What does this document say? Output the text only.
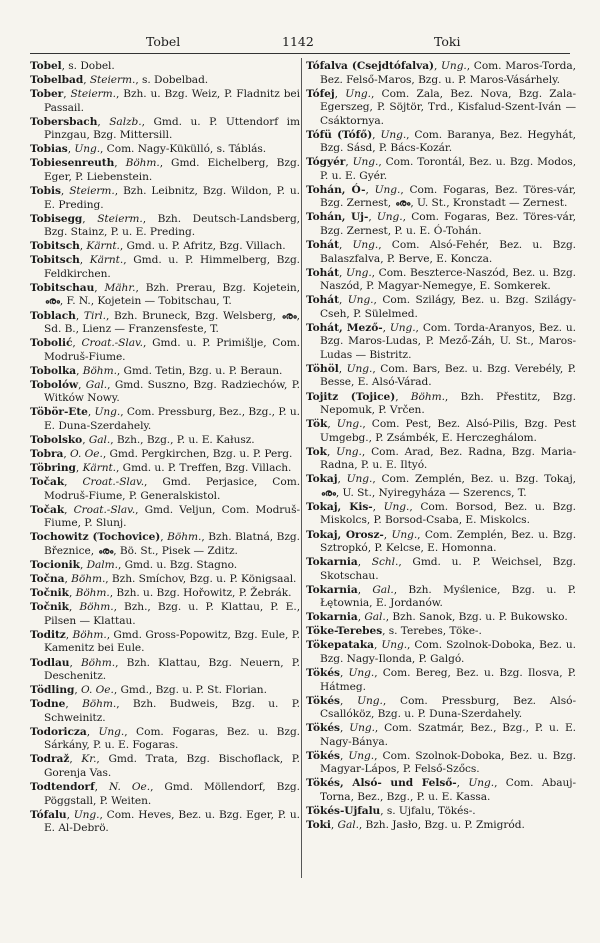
Tobel	1142	Toki

Tobel, s. Dobel.

Tobelbad, Steierm., s. Dobelbad.

Tober, Steierm., Bzh. u. Bzg. Weiz, P. Fladnitz bei Passail.

Tobersbach, Salzb., Gmd. u. P. Uttendorf im Pinzgau, Bzg. Mittersill.

Tobias, Ung., Com. Nagy-Kükülló, s. Táblás.

Tobiesenreuth, Böhm., Gmd. Eichelberg, Bzg. Eger, P. Liebenstein.

Tobis, Steierm., Bzh. Leibnitz, Bzg. Wildon, P. u. E. Preding.

Tobisegg, Steierm., Bzh. Deutsch-Landsberg, Bzg. Stainz, P. u. E. Preding.

Tobitsch, Kärnt., Gmd. u. P. Afritz, Bzg. Villach.

Tobitsch, Kärnt., Gmd. u. P. Himmelberg, Bzg. Feldkirchen.

Tobitschau, Mähr., Bzh. Prerau, Bzg. Kojetein, ൟ, F. N., Kojetein — Tobitschau, T.

Toblach, Tirl., Bzh. Bruneck, Bzg. Welsberg, ൟ, Sd. B., Lienz — Franzensfeste, T.

Tobolić, Croat.-Slav., Gmd. u. P. Primišlje, Com. Modruš-Fiume.

Tobolka, Böhm., Gmd. Tetin, Bzg. u. P. Beraun.

Tobolów, Gal., Gmd. Suszno, Bzg. Radziechów, P. Witków Nowy.

Töbör-Ete, Ung., Com. Pressburg, Bez., Bzg., P. u. E. Duna-Szerdahely.

Tobolsko, Gal., Bzh., Bzg., P. u. E. Kałusz.

Tobra, O. Oe., Gmd. Pergkirchen, Bzg. u. P. Perg.

Töbring, Kärnt., Gmd. u. P. Treffen, Bzg. Villach.

Točak, Croat.-Slav., Gmd. Perjasice, Com. Modruš-Fiume, P. Generalskistol.

Točak, Croat.-Slav., Gmd. Veljun, Com. Modruš-Fiume, P. Slunj.

Tochowitz (Tochovice), Böhm., Bzh. Blatná, Bzg. Březnice, ൟ, Bö. St., Pisek — Zditz.

Tocionik, Dalm., Gmd. u. Bzg. Stagno.

Točna, Böhm., Bzh. Smíchov, Bzg. u. P. Königsaal.

Točnik, Böhm., Bzh. u. Bzg. Hořowitz, P. Žebrák.

Točnik, Böhm., Bzh., Bzg. u. P. Klattau, P. E., Pilsen — Klattau.

Toditz, Böhm., Gmd. Gross-Popowitz, Bzg. Eule, P. Kamenitz bei Eule.

Todlau, Böhm., Bzh. Klattau, Bzg. Neuern, P. Deschenitz.

Tödling, O. Oe., Gmd., Bzg. u. P. St. Florian.

Todne, Böhm., Bzh. Budweis, Bzg. u. P. Schweinitz.

Todoricza, Ung., Com. Fogaras, Bez. u. Bzg. Sárkány, P. u. E. Fogaras.

Todraž, Kr., Gmd. Trata, Bzg. Bischoflack, P. Gorenja Vas.

Todtendorf, N. Oe., Gmd. Möllendorf, Bzg. Pöggstall, P. Weiten.

Tófalu, Ung., Com. Heves, Bez. u. Bzg. Eger, P. u. E. Al-Debrö.

Tófalva (Csejdtófalva), Ung., Com. Maros-Torda, Bez. Felső-Maros, Bzg. u. P. Maros-Vásárhely.

Tófej, Ung., Com. Zala, Bez. Nova, Bzg. Zala-Egerszeg, P. Söjtör, Trd., Kisfalud-Szent-Iván — Csáktornya.

Tófü (Tófő), Ung., Com. Baranya, Bez. Hegyhát, Bzg. Sásd, P. Bács-Kozár.

Tógyér, Ung., Com. Torontál, Bez. u. Bzg. Modos, P. u. E. Gyér.

Tohán, Ó-, Ung., Com. Fogaras, Bez. Töres-vár, Bzg. Zernest, ൟ, U. St., Kronstadt — Zernest.

Tohán, Uj-, Ung., Com. Fogaras, Bez. Töres-vár, Bzg. Zernest, P. u. E. Ó-Tohán.

Tohát, Ung., Com. Alsó-Fehér, Bez. u. Bzg. Balaszfalva, P. Berve, E. Koncza.

Tohát, Ung., Com. Beszterce-Naszód, Bez. u. Bzg. Naszód, P. Magyar-Nemegye, E. Somkerek.

Tohát, Ung., Com. Szilágy, Bez. u. Bzg. Szilágy-Cseh, P. Sülelmed.

Tohát, Mező-, Ung., Com. Torda-Aranyos, Bez. u. Bzg. Maros-Ludas, P. Mező-Záh, U. St., Maros-Ludas — Bistritz.

Töhöl, Ung., Com. Bars, Bez. u. Bzg. Verebély, P. Besse, E. Alsó-Várad.

Tojitz (Tojice), Böhm., Bzh. Přestitz, Bzg. Nepomuk, P. Vrčen.

Tök, Ung., Com. Pest, Bez. Alsó-Pilis, Bzg. Pest Umgebg., P. Zsámbék, E. Herczeghálom.

Tok, Ung., Com. Arad, Bez. Radna, Bzg. Maria-Radna, P. u. E. Iltyó.

Tokaj, Ung., Com. Zemplén, Bez. u. Bzg. Tokaj, ൟ, U. St., Nyiregyháza — Szerencs, T.

Tokaj, Kis-, Ung., Com. Borsod, Bez. u. Bzg. Miskolcs, P. Borsod-Csaba, E. Miskolcs.

Tokaj, Orosz-, Ung., Com. Zemplén, Bez. u. Bzg. Sztropkó, P. Kelcse, E. Homonna.

Tokarnia, Schl., Gmd. u. P. Weichsel, Bzg. Skotschau.

Tokarnia, Gal., Bzh. Myślenice, Bzg. u. P. Łętownia, E. Jordanów.

Tokarnia, Gal., Bzh. Sanok, Bzg. u. P. Bukowsko.

Töke-Terebes, s. Terebes, Töke-.

Tökepataka, Ung., Com. Szolnok-Doboka, Bez. u. Bzg. Nagy-Ilonda, P. Galgó.

Tökés, Ung., Com. Bereg, Bez. u. Bzg. Ilosva, P. Hátmeg.

Tökés, Ung., Com. Pressburg, Bez. Alsó-Csallóköz, Bzg. u. P. Duna-Szerdahely.

Tökés, Ung., Com. Szatmár, Bez., Bzg., P. u. E. Nagy-Bánya.

Tökés, Ung., Com. Szolnok-Doboka, Bez. u. Bzg. Magyar-Lápos, P. Felső-Szőcs.

Tökés, Alsó- und Felső-, Ung., Com. Abauj-Torna, Bez., Bzg., P. u. E. Kassa.

Tökés-Ujfalu, s. Ujfalu, Tökés-.

Toki, Gal., Bzh. Jasło, Bzg. u. P. Zmigród.
